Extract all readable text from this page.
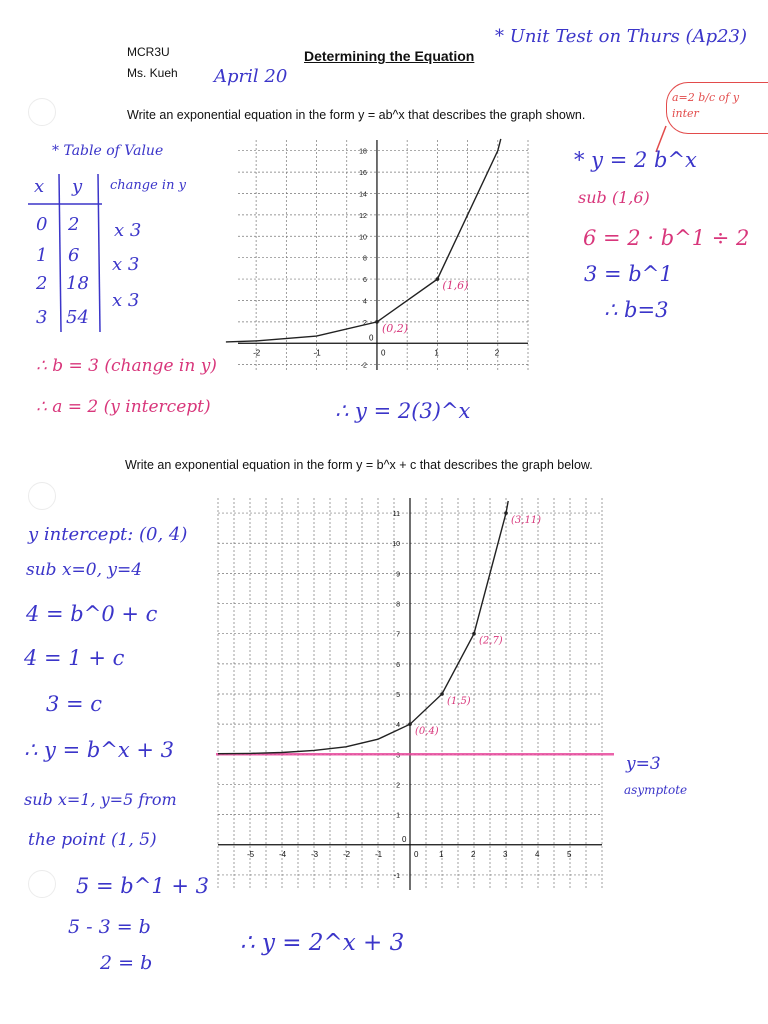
MCR3U
Ms. Kueh
Determining the Equation
April 20
* Unit Test on Thurs (Ap23)
Write an exponential equation in the form y = ab^x that describes the graph shown.
* Table of Value
x y change in y
0 2
1 6
2 18
3 54
x 3
x 3
x 3
∴ b = 3 (change in y)
∴ a = 2 (y intercept)	∴ y = 2(3)^x
a=2 b/c of y inter
* y = 2 b^x
sub (1,6)
6 = 2 · b^1 ÷ 2
3 = b^1
∴ b=3
-2	-1	0	1	2
18
16
14
12
10
8
6
4
2
0
-2
(0,2)
(1,6)
Write an exponential equation in the form y = b^x + c that describes the graph below.
y intercept: (0, 4)
sub x=0, y=4
4 = b^0 + c
4 = 1 + c
3 = c
∴ y = b^x + 3
sub x=1, y=5 from
the point (1, 5)
5 = b^1 + 3
5 - 3 = b
2 = b
∴ y = 2^x + 3
-5	-4	-3	-2	-1	0	1	2	3	4	5
11
10
9
8
7
6
5
4
3
2
1
0
-1
(0,4)
(1,5)
(2,7)
(3,11)
y=3
asymptote
